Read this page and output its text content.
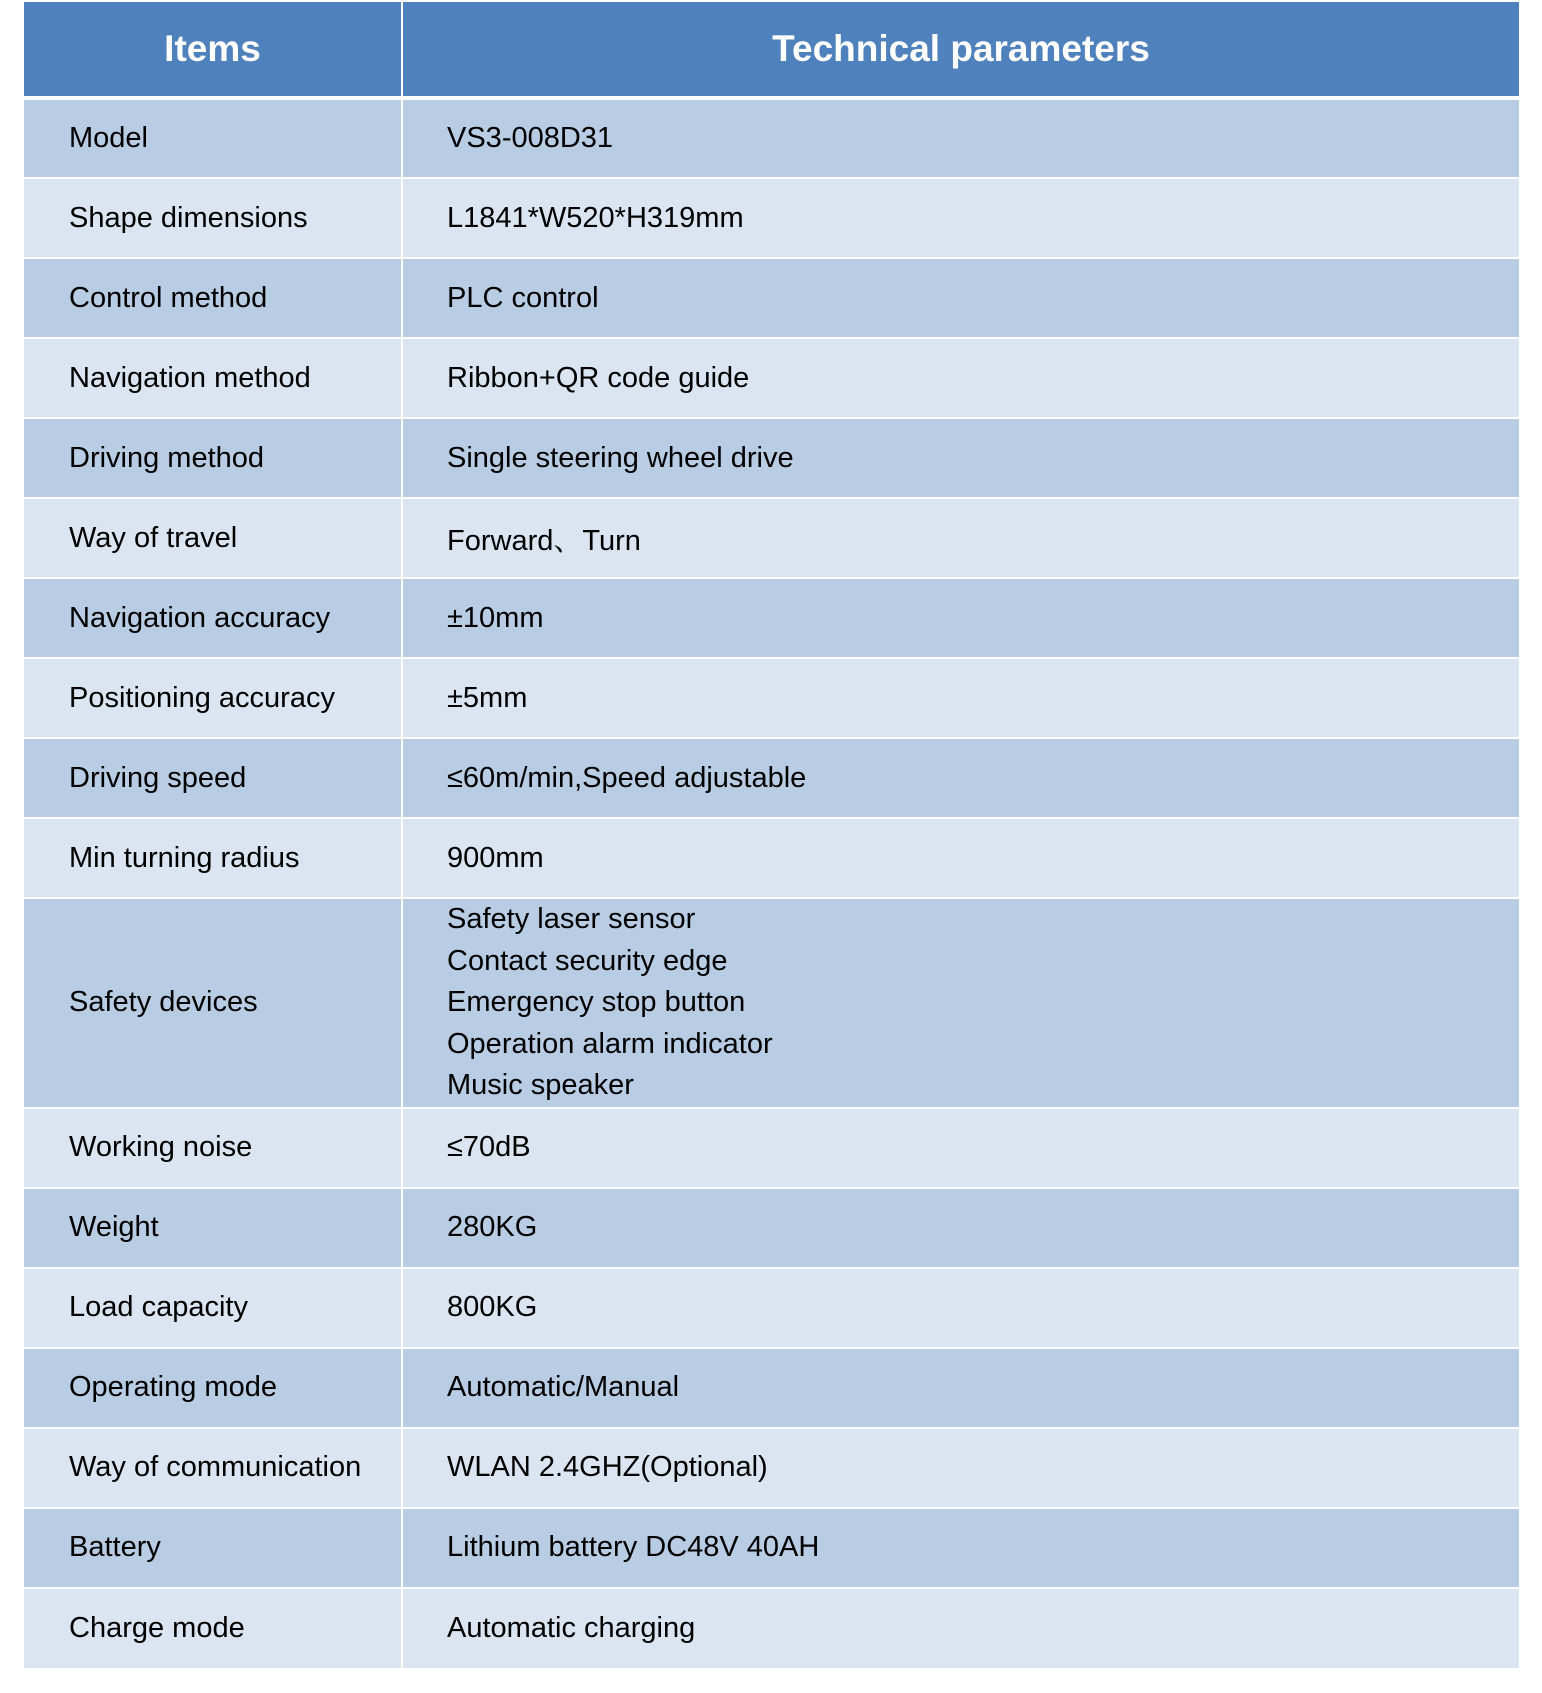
Items	Technical parameters
Model	VS3-008D31
Shape dimensions	L1841*W520*H319mm
Control method	PLC control
Navigation method	Ribbon+QR code guide
Driving method	Single steering wheel drive
Way of travel	Forward、Turn
Navigation accuracy	±10mm
Positioning accuracy	±5mm
Driving speed	≤60m/min,Speed adjustable
Min turning radius	900mm
Safety devices	Safety laser sensor
Contact security edge
Emergency stop button
Operation alarm indicator
Music speaker

Working noise	≤70dB
Weight	280KG
Load capacity	800KG
Operating mode	Automatic/Manual
Way of communication	WLAN 2.4GHZ(Optional)
Battery	Lithium battery DC48V 40AH
Charge mode	Automatic charging
